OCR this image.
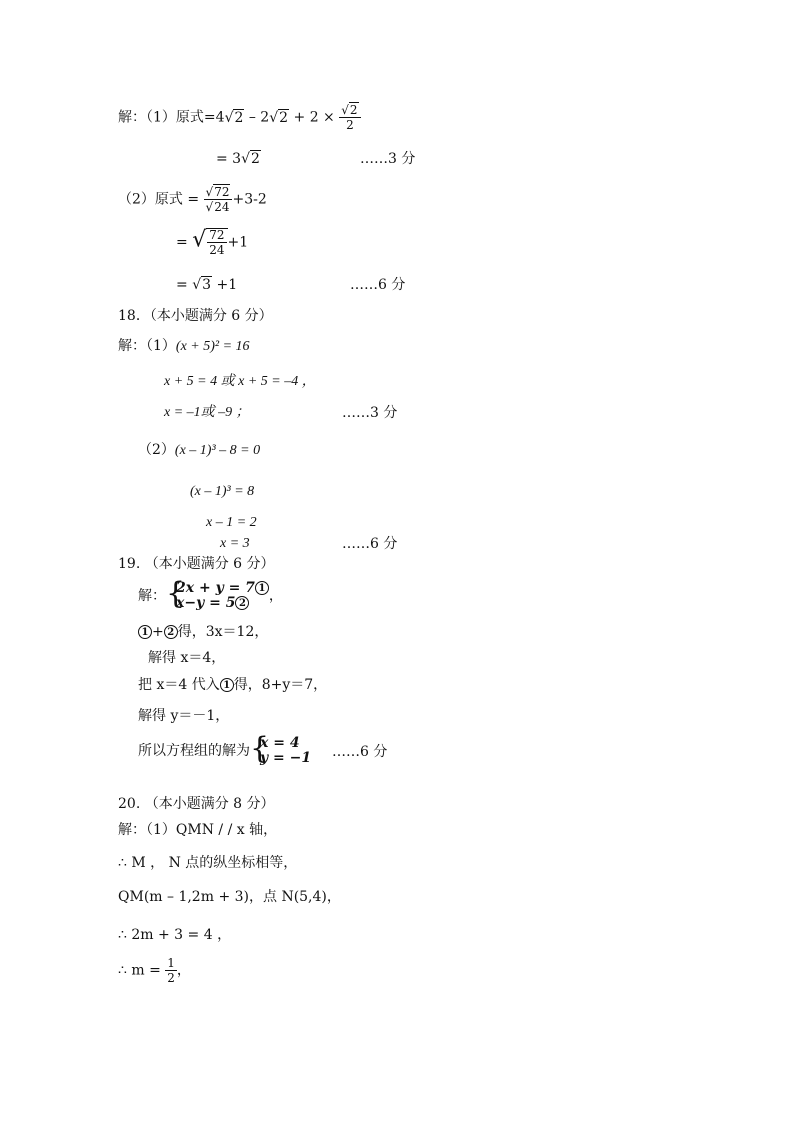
解：（1）原式$=4√2 - 2√2 + 2 \times \frac{√2}{2}$
= 3√2	……3 分
（2）原式 = $\frac{√72}{√24} +3-2$
= √ $\frac{72}{24} +1$
= √3 +1	……6 分
18．（本小题满分 6 分）
解：（1）(x + 5)² = 16
x + 5 = 4 或 x + 5 = –4 ，
x = –1或 –9 ；	……3 分
（2）(x – 1)³ – 8 = 0
(x – 1)³ = 8
x – 1 = 2
x = 3	……6 分
19. （本小题满分 6 分）
解： {
2x + y = 7 1
x−y = 5 2	，
1 + 2 得，3x＝12，
解得 x＝4，
把 x＝4 代入 1 得，8+y＝7，
解得 y＝－1，
所以方程组的解为 {
x = 4
y = −1 ……6 分
20. （本小题满分 8 分）
解：（1）QMN / / x 轴，
∴ M ， N 点的纵坐标相等，
QM(m – 1,2m + 3)，点 N(5,4)，
∴ 2m + 3 = 4 ，
∴ $m = \frac{1}{2}$ ，
